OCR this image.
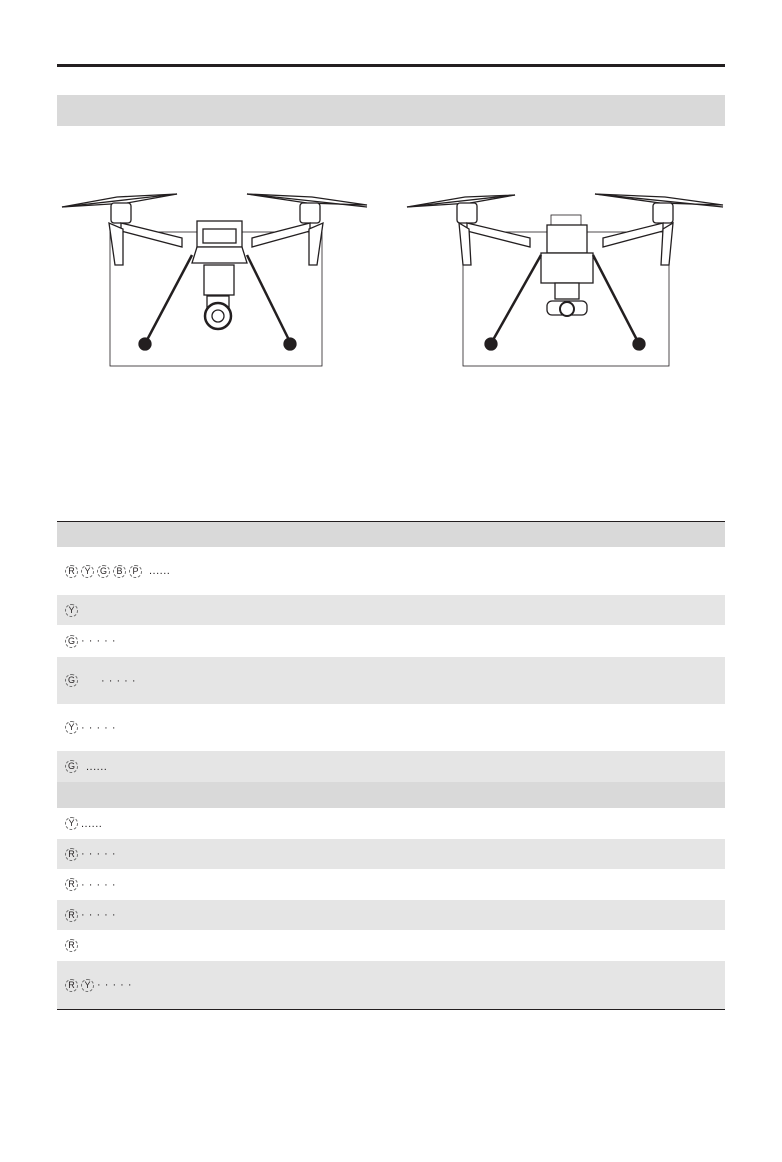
R	Y	G	B	P ......
Y
G · · · · ·
G · · · · ·
Y · · · · ·
G ......
Y ......
R · · · · ·
R · · · · ·
R · · · · ·
R
R	Y · · · · ·
